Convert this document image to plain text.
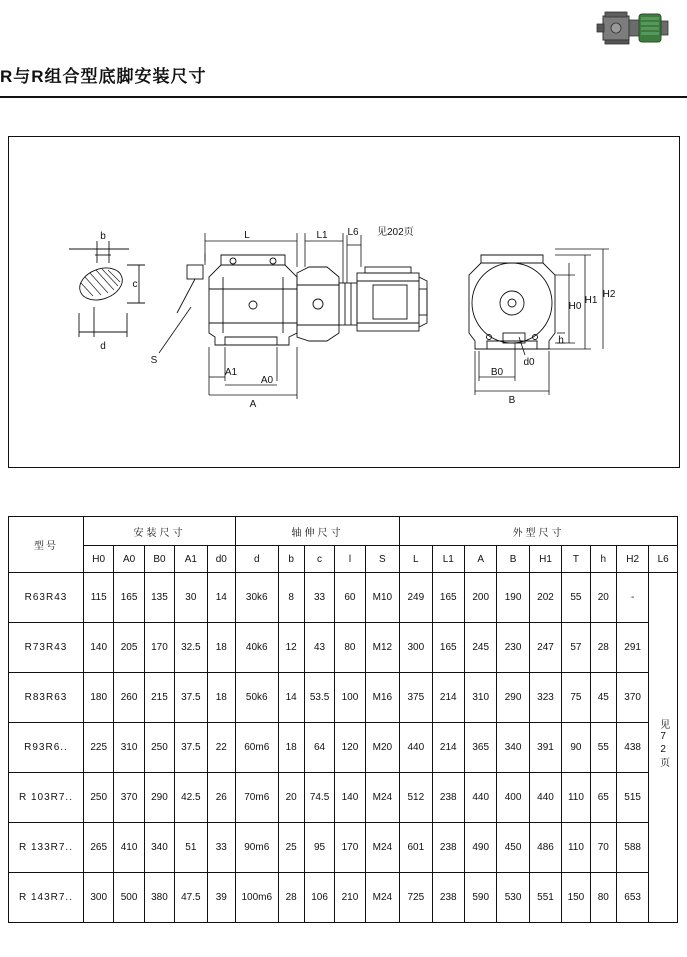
R与R组合型底脚安装尺寸
L	L1 L6 见202页
l
S
A1
A0
A
b
c
d
d0
B0
B
h
H0
H1
H2
型号	安装尺寸					轴伸尺寸					外型尺寸								
	H0	A0	B0	A1	d0	d	b	c	l	S	L	L1	A	B	H1	T	h	H2	L6
R63R43	115	165	135	30	14	30k6	8	33	60	M10	249	165	200	190	202	55	20	-	见72页
R73R43	140	205	170	32.5	18	40k6	12	43	80	M12	300	165	245	230	247	57	28	291	
R83R63	180	260	215	37.5	18	50k6	14	53.5	100	M16	375	214	310	290	323	75	45	370	
R93R6..	225	310	250	37.5	22	60m6	18	64	120	M20	440	214	365	340	391	90	55	438	
R 103R7..	250	370	290	42.5	26	70m6	20	74.5	140	M24	512	238	440	400	440	110	65	515	
R 133R7..	265	410	340	51	33	90m6	25	95	170	M24	601	238	490	450	486	110	70	588	
R 143R7..	300	500	380	47.5	39	100m6	28	106	210	M24	725	238	590	530	551	150	80	653	
